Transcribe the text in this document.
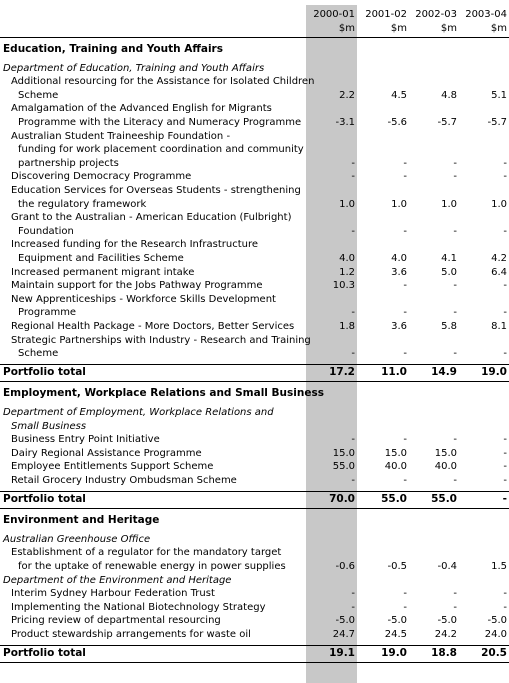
2000-01	2001-02 2002-03 2003-04
$m	$m	$m	$m
Education, Training and Youth Affairs
Department of Education, Training and Youth Affairs
Additional resourcing for the Assistance for Isolated Children
Scheme	2.2	4.5	4.8	5.1
Amalgamation of the Advanced English for Migrants
Programme with the Literacy and Numeracy Programme	-3.1	-5.6	-5.7	-5.7
Australian Student Traineeship Foundation -
funding for work placement coordination and community
partnership projects	-	-	-	-
Discovering Democracy Programme	-	-	-	-
Education Services for Overseas Students - strengthening
the regulatory framework	1.0	1.0	1.0	1.0
Grant to the Australian - American Education (Fulbright)
Foundation	-	-	-	-
Increased funding for the Research Infrastructure
Equipment and Facilities Scheme	4.0	4.0	4.1	4.2
Increased permanent migrant intake	1.2	3.6	5.0	6.4
Maintain support for the Jobs Pathway Programme	10.3	-	-	-
New Apprenticeships - Workforce Skills Development
Programme	-	-	-	-
Regional Health Package - More Doctors, Better Services	1.8	3.6	5.8	8.1
Strategic Partnerships with Industry - Research and Training
Scheme	-	-	-	-
Portfolio total	17.2	11.0	14.9	19.0
Employment, Workplace Relations and Small Business
Department of Employment, Workplace Relations and
Small Business
Business Entry Point Initiative	-	-	-	-
Dairy Regional Assistance Programme	15.0	15.0	15.0	-
Employee Entitlements Support Scheme	55.0	40.0	40.0	-
Retail Grocery Industry Ombudsman Scheme	-	-	-	-
Portfolio total	70.0	55.0	55.0	-
Environment and Heritage
Australian Greenhouse Office
Establishment of a regulator for the mandatory target
for the uptake of renewable energy in power supplies	-0.6	-0.5	-0.4	1.5
Department of the Environment and Heritage
Interim Sydney Harbour Federation Trust	-	-	-	-
Implementing the National Biotechnology Strategy	-	-	-	-
Pricing review of departmental resourcing	-5.0	-5.0	-5.0	-5.0
Product stewardship arrangements for waste oil	24.7	24.5	24.2	24.0
Portfolio total	19.1	19.0	18.8	20.5
